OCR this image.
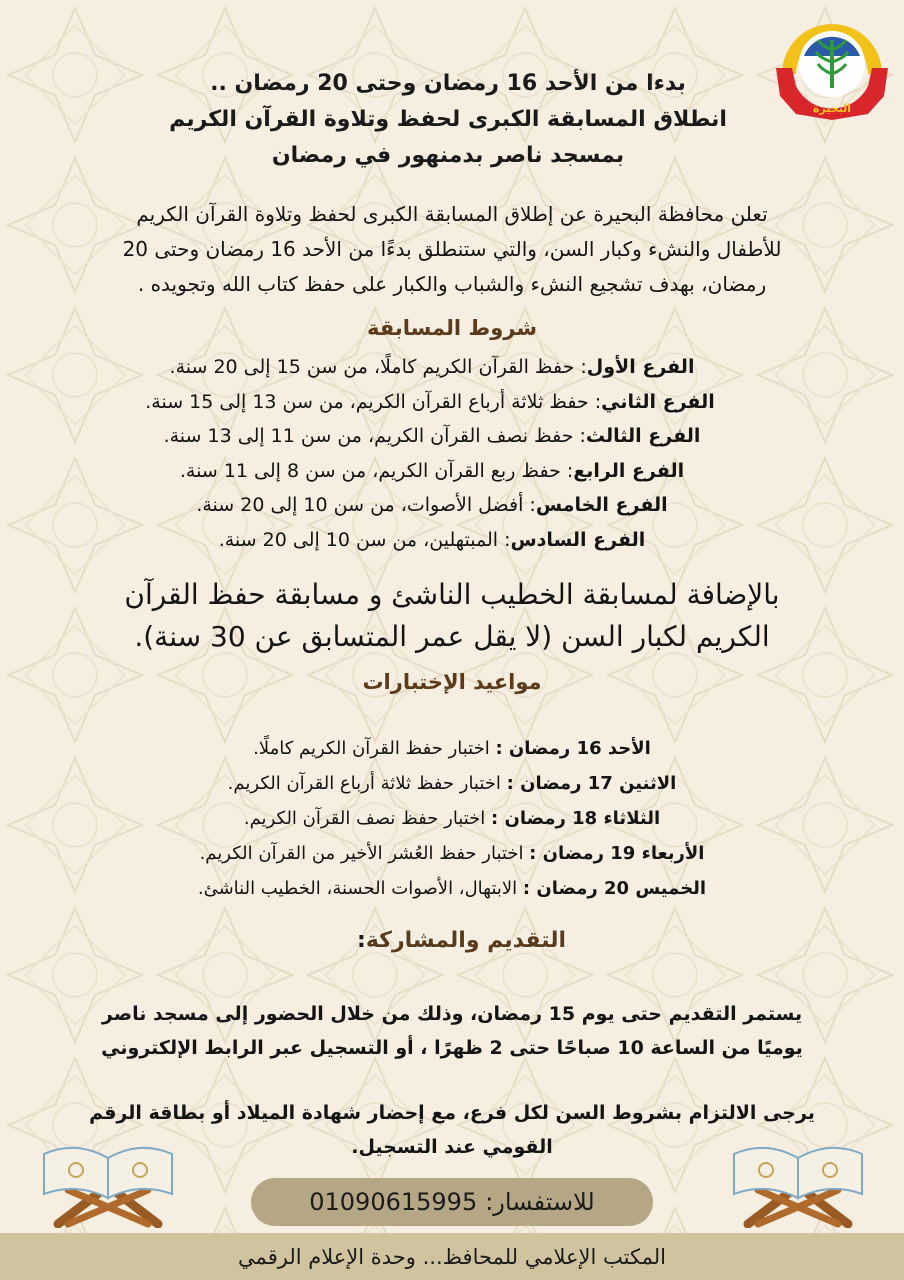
البحيرة
بدءا من الأحد 16 رمضان وحتى 20 رمضان ..
انطلاق المسابقة الكبرى لحفظ وتلاوة القرآن الكريم
بمسجد ناصر بدمنهور في رمضان
تعلن محافظة البحيرة عن إطلاق المسابقة الكبرى لحفظ وتلاوة القرآن الكريم
للأطفال والنشء وكبار السن، والتي ستنطلق بدءًا من الأحد 16 رمضان وحتى 20
رمضان، بهدف تشجيع النشء والشباب والكبار على حفظ كتاب الله وتجويده .
شروط المسابقة
الفرع الأول: حفظ القرآن الكريم كاملًا، من سن 15 إلى 20 سنة.
الفرع الثاني: حفظ ثلاثة أرباع القرآن الكريم، من سن 13 إلى 15 سنة.
الفرع الثالث: حفظ نصف القرآن الكريم، من سن 11 إلى 13 سنة.
الفرع الرابع: حفظ ربع القرآن الكريم، من سن 8 إلى 11 سنة.
الفرع الخامس: أفضل الأصوات، من سن 10 إلى 20 سنة.
الفرع السادس: المبتهلين، من سن 10 إلى 20 سنة.
بالإضافة لمسابقة الخطيب الناشئ و مسابقة حفظ القرآن
الكريم لكبار السن (لا يقل عمر المتسابق عن 30 سنة).
مواعيد الإختبارات
الأحد 16 رمضان : اختبار حفظ القرآن الكريم كاملًا.
الاثنين 17 رمضان : اختبار حفظ ثلاثة أرباع القرآن الكريم.
الثلاثاء 18 رمضان : اختبار حفظ نصف القرآن الكريم.
الأربعاء 19 رمضان : اختبار حفظ العُشر الأخير من القرآن الكريم.
الخميس 20 رمضان : الابتهال، الأصوات الحسنة، الخطيب الناشئ.
التقديم والمشاركة:
يستمر التقديم حتى يوم 15 رمضان، وذلك من خلال الحضور إلى مسجد ناصر
يوميًا من الساعة 10 صباحًا حتى 2 ظهرًا ، أو التسجيل عبر الرابط الإلكتروني
يرجى الالتزام بشروط السن لكل فرع، مع إحضار شهادة الميلاد أو بطاقة الرقم
القومي عند التسجيل.
للاستفسار:
01090615995
المكتب الإعلامي للمحافظ... وحدة الإعلام الرقمي
